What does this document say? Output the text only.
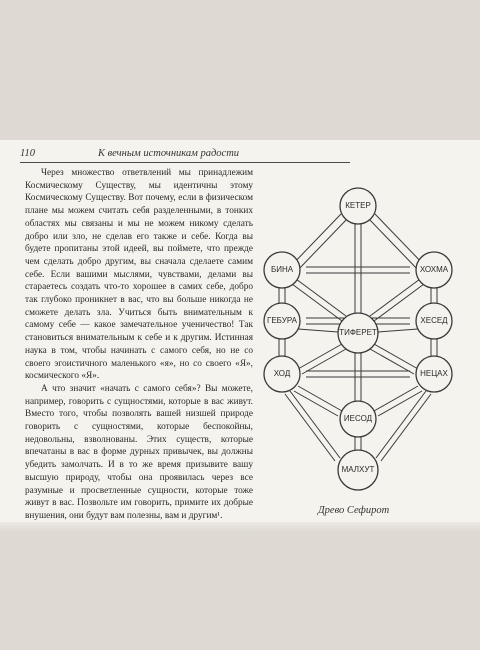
110	К вечным источникам радости

Через множество ответвлений мы принадлежим Космическому Существу, мы идентичны этому Космическому Существу. Вот почему, если в физическом плане мы можем считать себя разделенными, в тонких областях мы связаны и мы не можем никому сделать добро или зло, не сделав его также и себе. Когда вы будете пропитаны этой идеей, вы поймете, что прежде чем сделать добро другим, вы сначала сделаете самим себе. Если вашими мыслями, чувствами, делами вы стараетесь создать что-то хорошее в самих себе, добро так глубоко проникнет в вас, что вы больше никогда не сможете делать зла. Учиться быть внимательным к самому себе — какое замечательное ученичество! Так становиться внимательным к себе и к другим. Истинная наука в том, чтобы начинать с самого себя, но не со своего эгоистичного маленького «я», но со своего «Я», космического «Я».

А что значит «начать с самого себя»? Вы можете, например, говорить с сущностями, которые в вас живут. Вместо того, чтобы позволять вашей низшей природе говорить с сущностями, которые беспокойны, недовольны, взволнованы. Этих существ, которые впечатаны в вас в форме дурных привычек, вы должны убедить замолчать. И в то же время призывите вашу высшую природу, чтобы она проявилась через все разумные и просветленные сущности, которые тоже живут в вас. Позвольте им говорить, примите их добрые внушения, они будут вам полезны, вам и другим¹.

КЕТЕР
БИНА	ХОХМА
ГЕБУРА	ХЕСЕД
ТИФЕРЕТ
ХОД	НЕЦАХ
ИЕСОД
МАЛХУТ
Древо Сефирот
